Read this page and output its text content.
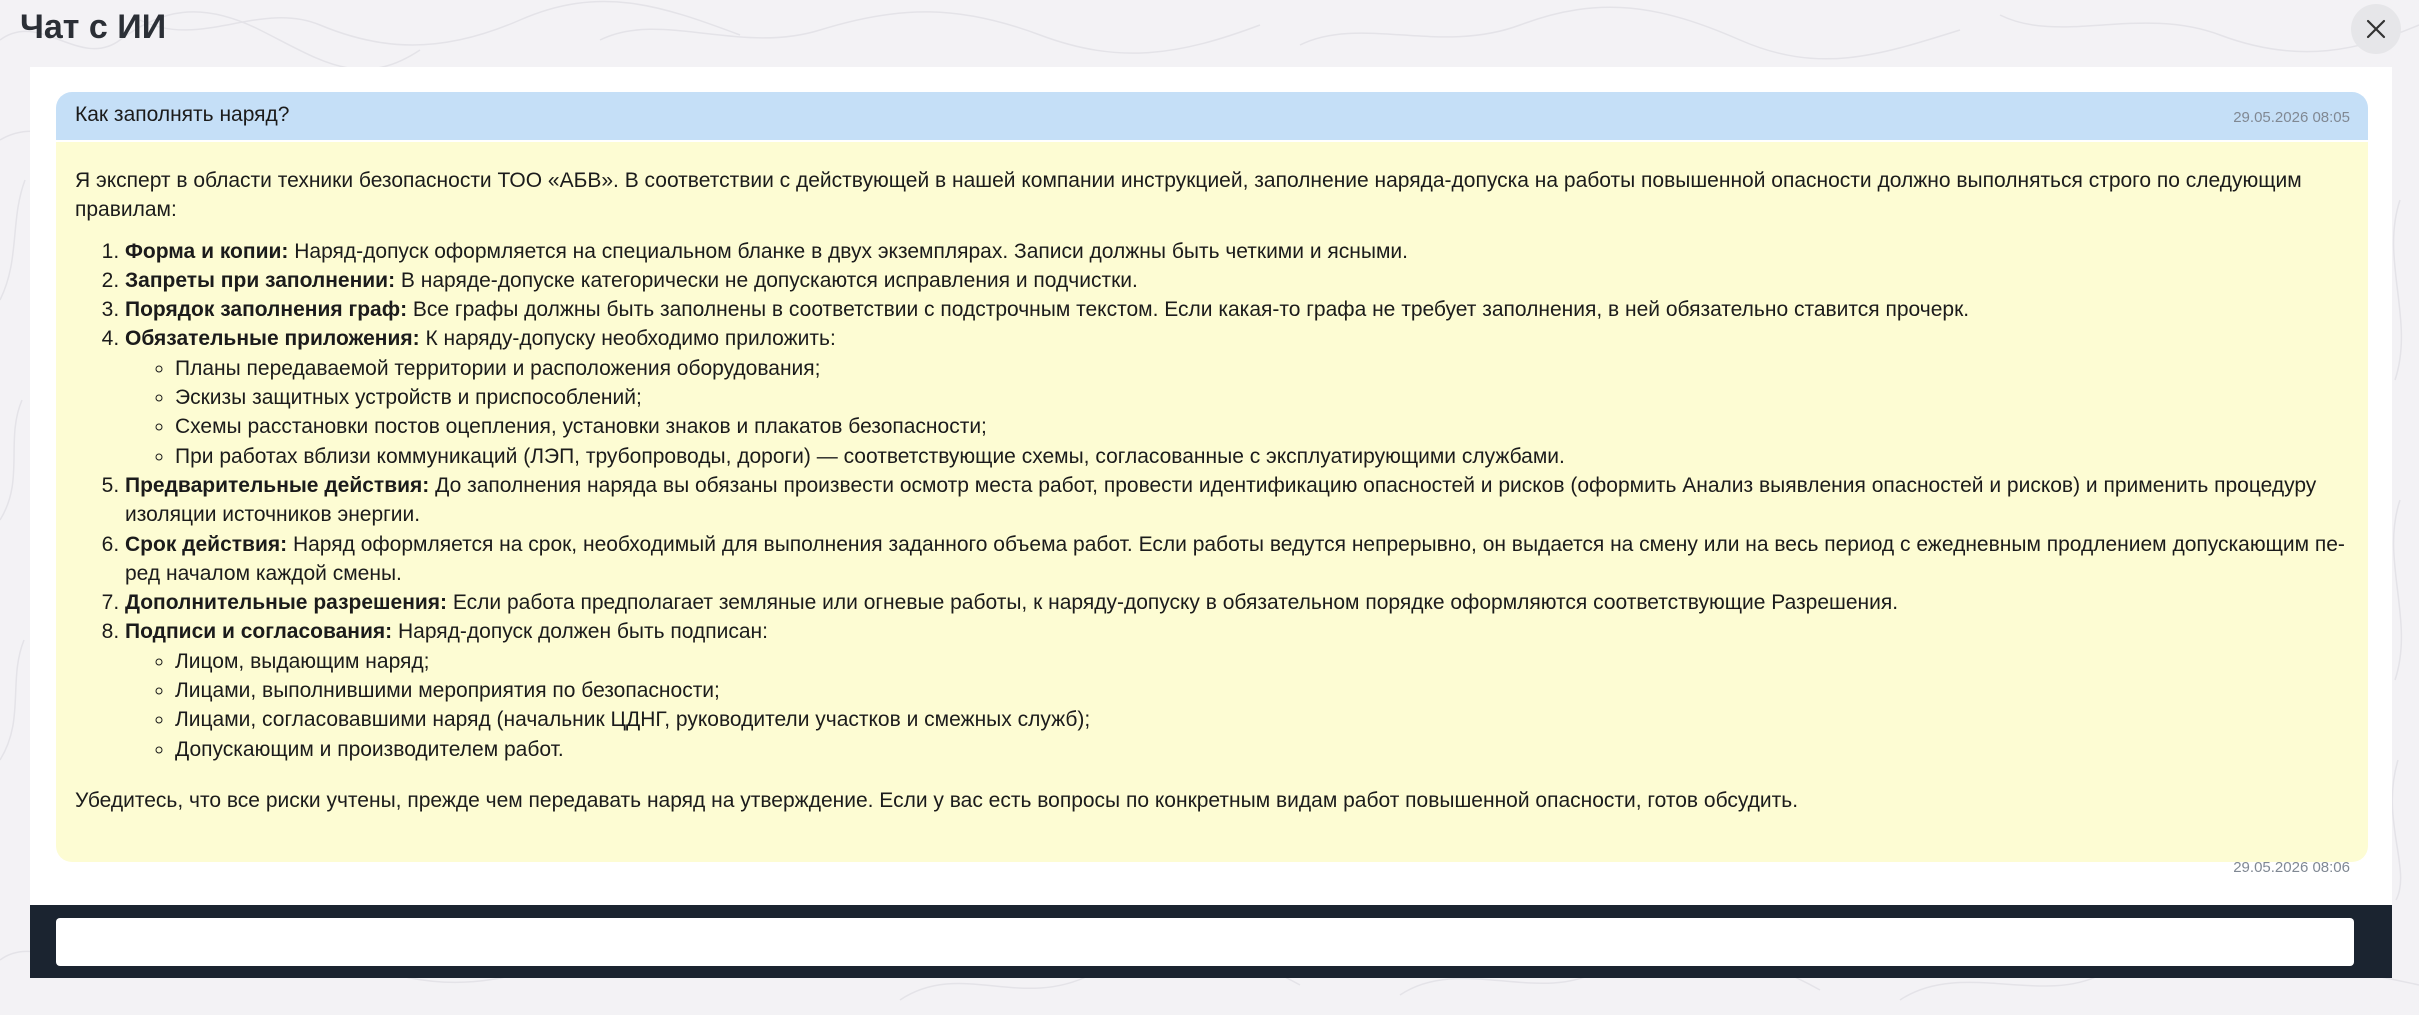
Чат с ИИ
Как заполнять наряд?	29.05.2026 08:05

Я эксперт в области техники безопасности ТОО «АБВ». В соответствии с действующей в нашей компании инструкцией, заполнение наряда-допуска на работы повышенной опасности должно выполняться строго по следующим правилам:

1. Форма и копии: Наряд-допуск оформляется на специальном бланке в двух экземплярах. Записи должны быть четкими и ясными.
2. Запреты при заполнении: В наряде-допуске категорически не допускаются исправления и подчистки.
3. Порядок заполнения граф: Все графы должны быть заполнены в соответствии с подстрочным текстом. Если какая-то графа не требует заполнения, в ней обязательно ставится прочерк.
4. Обязательные приложения: К наряду-допуску необходимо приложить:
◦ Планы передаваемой территории и расположения оборудования;
◦ Эскизы защитных устройств и приспособлений;
◦ Схемы расстановки постов оцепления, установки знаков и плакатов безопасности;
◦ При работах вблизи коммуникаций (ЛЭП, трубопроводы, дороги) — соответствующие схемы, согласованные с эксплуатирующими службами.
5. Предварительные действия: До заполнения наряда вы обязаны произвести осмотр места работ, провести идентификацию опасностей и рисков (оформить Анализ выявления опасностей и рисков) и применить процедуру изоляции источников энергии.
6. Срок действия: Наряд оформляется на срок, необходимый для выполнения заданного объема работ. Если работы ведутся непрерывно, он выдается на смену или на весь период с ежедневным продлением допускающим пе-ред началом каждой смены.
7. Дополнительные разрешения: Если работа предполагает земляные или огневые работы, к наряду-допуску в обязательном порядке оформляются соответствующие Разрешения.
8. Подписи и согласования: Наряд-допуск должен быть подписан:
◦ Лицом, выдающим наряд;
◦ Лицами, выполнившими мероприятия по безопасности;
◦ Лицами, согласовавшими наряд (начальник ЦДНГ, руководители участков и смежных служб);
◦ Допускающим и производителем работ.

Убедитесь, что все риски учтены, прежде чем передавать наряд на утверждение. Если у вас есть вопросы по конкретным видам работ повышенной опасности, готов обсудить.

29.05.2026 08:06
